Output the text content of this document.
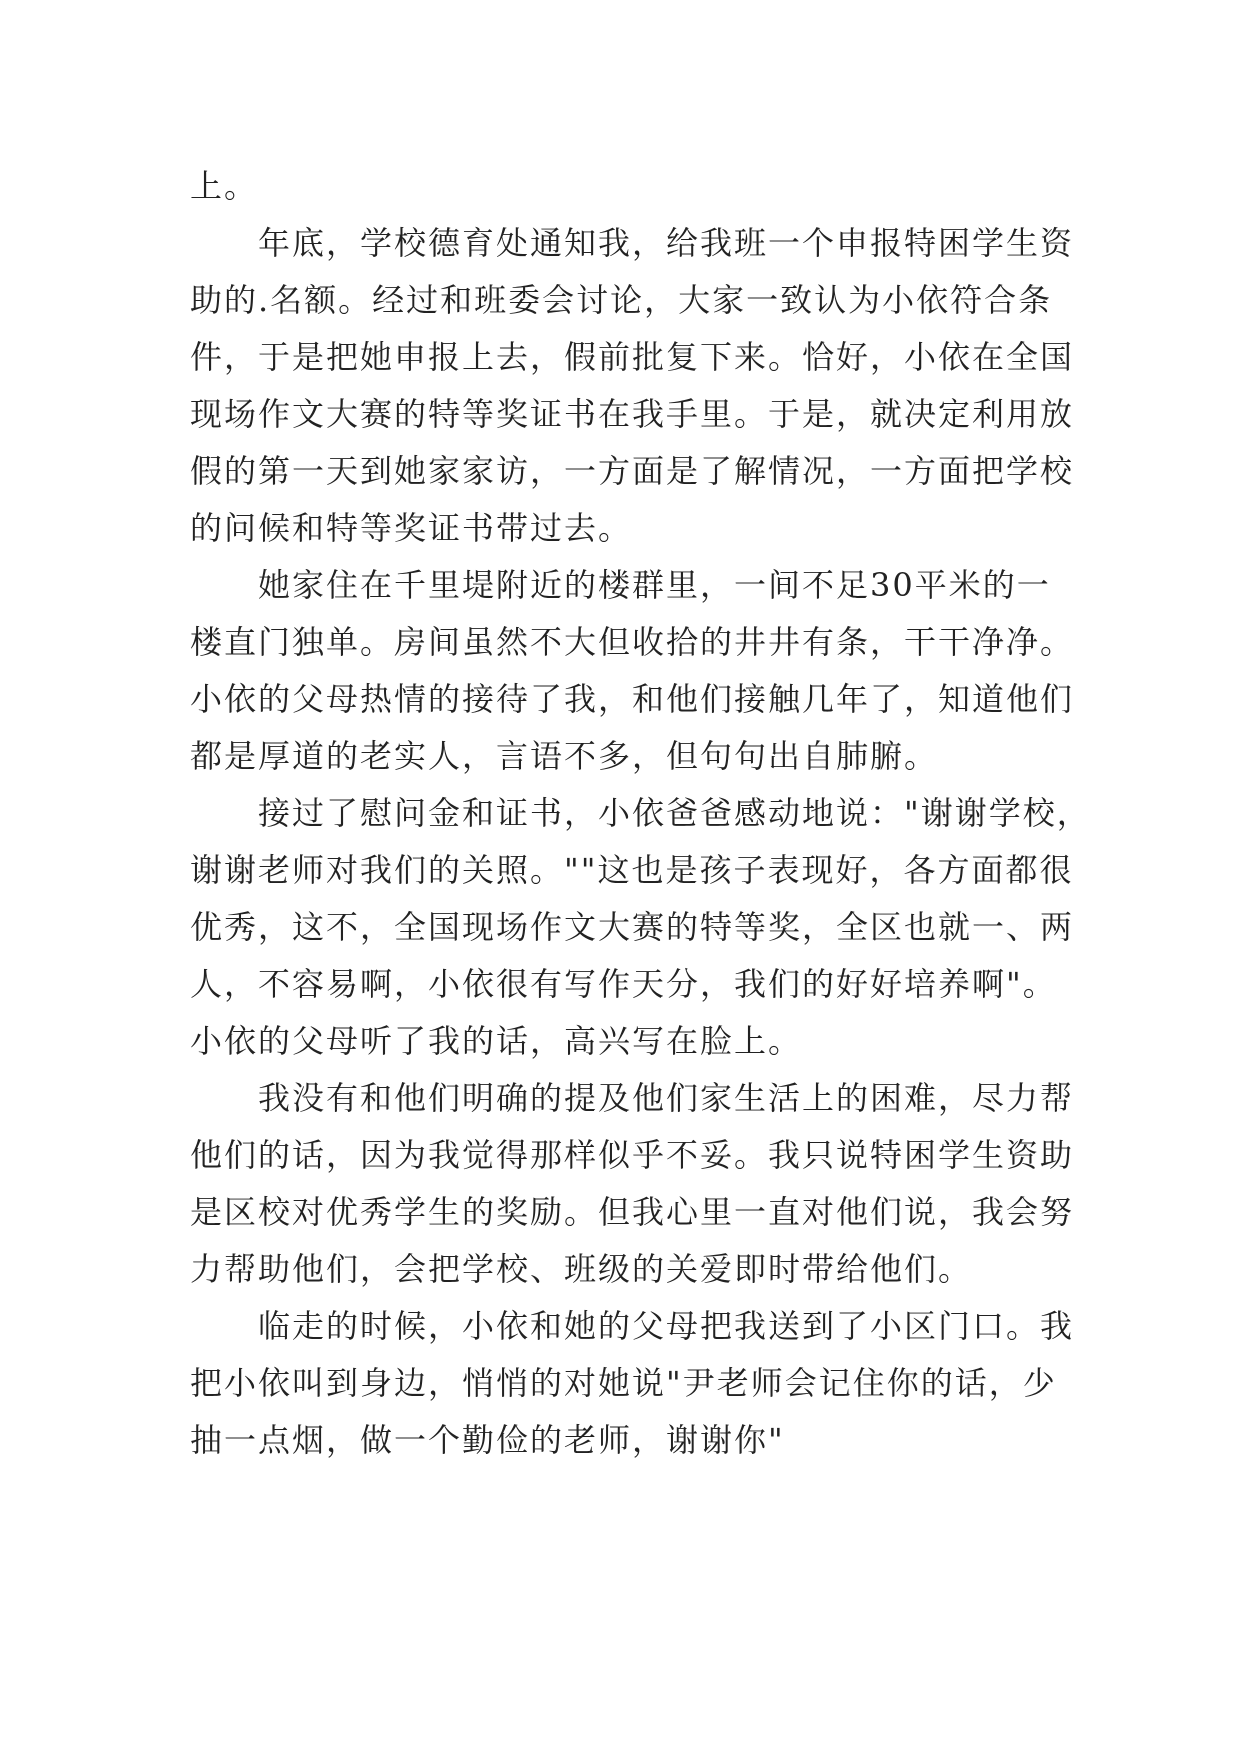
上。
　　年底，学校德育处通知我，给我班一个申报特困学生资
助的.名额。经过和班委会讨论，大家一致认为小依符合条
件，于是把她申报上去，假前批复下来。恰好，小依在全国
现场作文大赛的特等奖证书在我手里。于是，就决定利用放
假的第一天到她家家访，一方面是了解情况，一方面把学校
的问候和特等奖证书带过去。
　　她家住在千里堤附近的楼群里，一间不足30平米的一
楼直门独单。房间虽然不大但收拾的井井有条，干干净净。
小依的父母热情的接待了我，和他们接触几年了，知道他们
都是厚道的老实人，言语不多，但句句出自肺腑。
　　接过了慰问金和证书，小依爸爸感动地说："谢谢学校，
谢谢老师对我们的关照。""这也是孩子表现好，各方面都很
优秀，这不，全国现场作文大赛的特等奖，全区也就一、两
人，不容易啊，小依很有写作天分，我们的好好培养啊"。
小依的父母听了我的话，高兴写在脸上。
　　我没有和他们明确的提及他们家生活上的困难，尽力帮
他们的话，因为我觉得那样似乎不妥。我只说特困学生资助
是区校对优秀学生的奖励。但我心里一直对他们说，我会努
力帮助他们，会把学校、班级的关爱即时带给他们。
　　临走的时候，小依和她的父母把我送到了小区门口。我
把小依叫到身边，悄悄的对她说"尹老师会记住你的话，少
抽一点烟，做一个勤俭的老师，谢谢你"
